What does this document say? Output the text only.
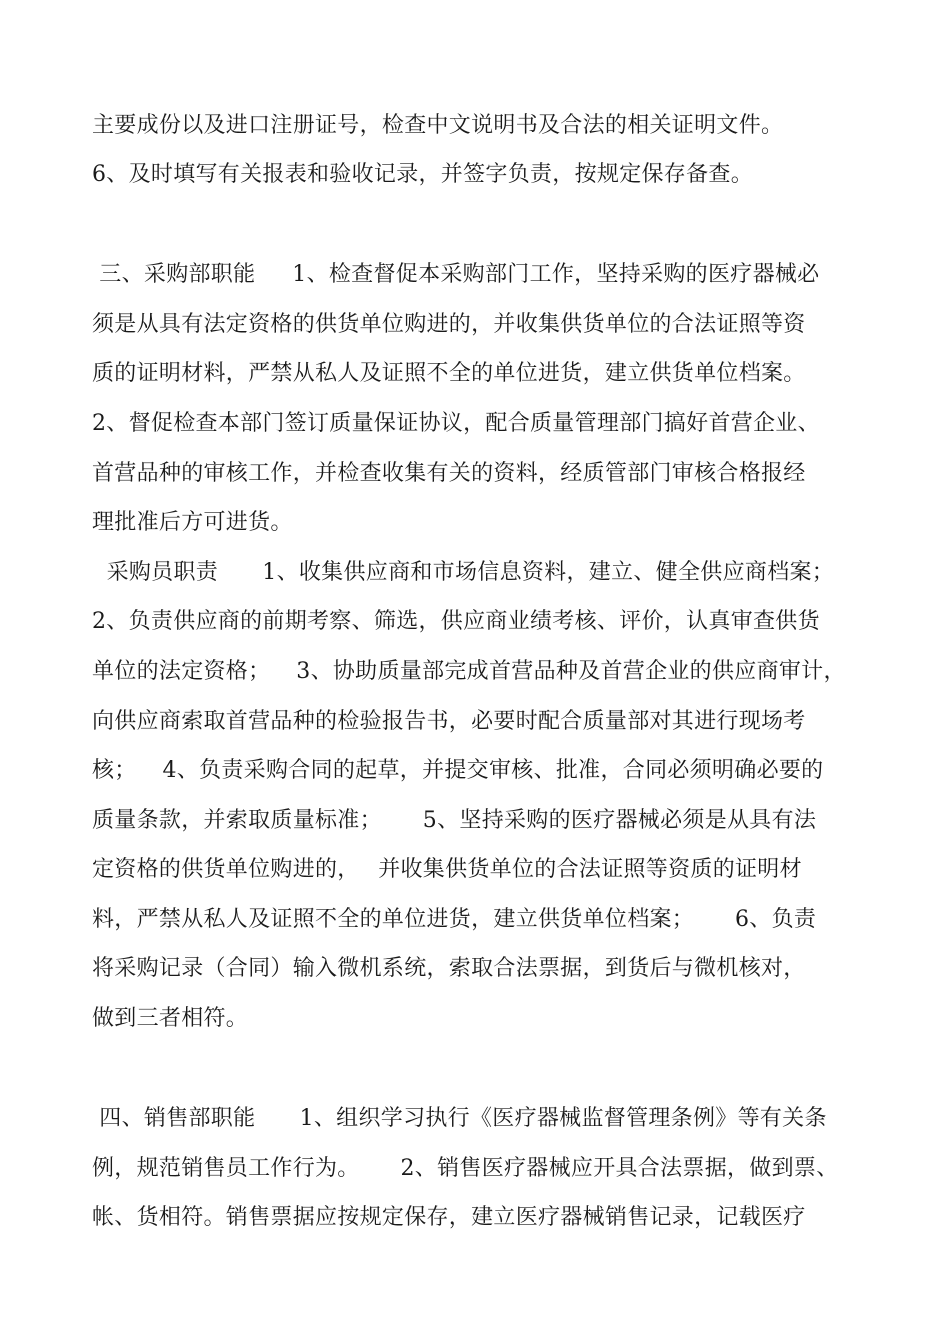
主要成份以及进口注册证号，检查中文说明书及合法的相关证明文件。
6、及时填写有关报表和验收记录，并签字负责，按规定保存备查。
三、采购部职能　  1、检查督促本采购部门工作，坚持采购的医疗器械必
须是从具有法定资格的供货单位购进的，并收集供货单位的合法证照等资
质的证明材料，严禁从私人及证照不全的单位进货，建立供货单位档案。
2、督促检查本部门签订质量保证协议，配合质量管理部门搞好首营企业、
首营品种的审核工作，并检查收集有关的资料，经质管部门审核合格报经
理批准后方可进货。
采购员职责　   1、收集供应商和市场信息资料，建立、健全供应商档案；
2、负责供应商的前期考察、筛选，供应商业绩考核、评价，认真审查供货
单位的法定资格；　  3、协助质量部完成首营品种及首营企业的供应商审计，
向供应商索取首营品种的检验报告书，必要时配合质量部对其进行现场考
核；　  4、负责采购合同的起草，并提交审核、批准，合同必须明确必要的
质量条款，并索取质量标准；　　 5、坚持采购的医疗器械必须是从具有法
定资格的供货单位购进的，　 并收集供货单位的合法证照等资质的证明材
料，严禁从私人及证照不全的单位进货，建立供货单位档案；　　 6、负责
将采购记录（合同）输入微机系统，索取合法票据，到货后与微机核对，
做到三者相符。
四、销售部职能　   1、组织学习执行《医疗器械监督管理条例》等有关条
例，规范销售员工作行为。　　 2、销售医疗器械应开具合法票据，做到票、
帐、货相符。销售票据应按规定保存，建立医疗器械销售记录，记载医疗
